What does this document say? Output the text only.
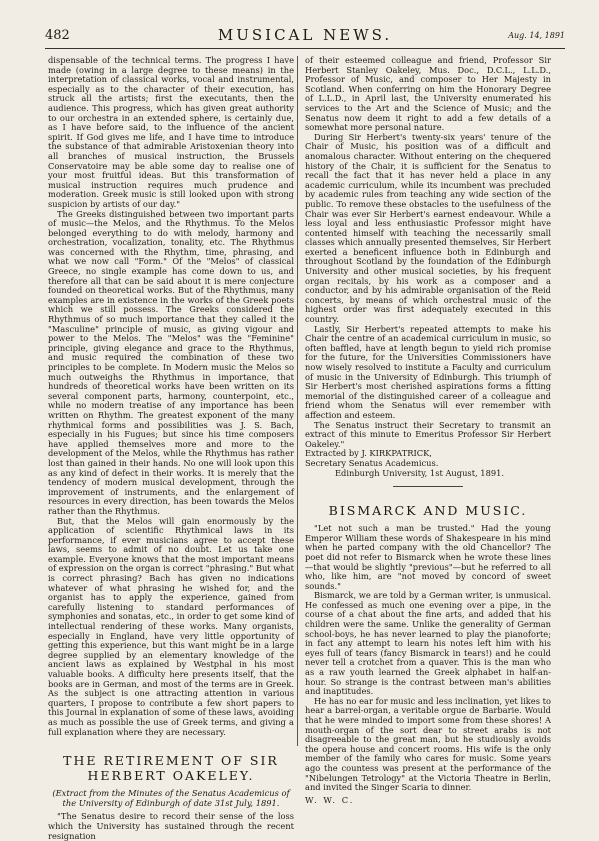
482	MUSICAL NEWS.	Aug. 14, 1891

dispensable of the technical terms. The progress I have made (owing in a large degree to these means) in the interpretation of classical works, vocal and instrumental, especially as to the character of their execution, has struck all the artists; first the executants, then the audience. This progress, which has given great authority to our orchestra in an extended sphere, is certainly due, as I have before said, to the influence of the ancient spirit. If God gives me life, and I have time to introduce the substance of that admirable Aristoxenian theory into all branches of musical instruction, the Brussels Conservatoire may be able some day to realise one of your most fruitful ideas. But this transformation of musical instruction requires much prudence and moderation. Greek music is still looked upon with strong suspicion by artists of our day."

The Greeks distinguished between two important parts of music—the Melos, and the Rhythmus. To the Melos belonged everything to do with melody, harmony and orchestration, vocalization, tonality, etc. The Rhythmus was concerned with the Rhythm, time, phrasing, and what we now call "Form." Of the "Melos" of classical Greece, no single example has come down to us, and therefore all that can be said about it is mere conjecture founded on theoretical works. But of the Rhythmus, many examples are in existence in the works of the Greek poets which we still possess. The Greeks considered the Rhythmus of so much importance that they called it the "Masculine" principle of music, as giving vigour and power to the Melos. The "Melos" was the "Feminine" principle, giving elegance and grace to the Rhythmus, and music required the combination of these two principles to be complete. In Modern music the Melos so much outweighs the Rhythmus in importance, that hundreds of theoretical works have been written on its several component parts, harmony, counterpoint, etc., while no modern treatise of any importance has been written on Rhythm. The greatest exponent of the many rhythmical forms and possibilities was J. S. Bach, especially in his Fugues; but since his time composers have applied themselves more and more to the development of the Melos, while the Rhythmus has rather lost than gained in their hands. No one will look upon this as any kind of defect in their works. It is merely that the tendency of modern musical development, through the improvement of instruments, and the enlargement of resources in every direction, has been towards the Melos rather than the Rhythmus.

But, that the Melos will gain enormously by the application of scientific Rhythmical laws in its performance, if ever musicians agree to accept these laws, seems to admit of no doubt. Let us take one example. Everyone knows that the most important means of expression on the organ is correct "phrasing." But what is correct phrasing? Bach has given no indications whatever of what phrasing he wished for, and the organist has to apply the experience, gained from carefully listening to standard performances of symphonies and sonatas, etc., in order to get some kind of intellectual rendering of these works. Many organists, especially in England, have very little opportunity of getting this experience, but this want might be in a large degree supplied by an elementary knowledge of the ancient laws as explained by Westphal in his most valuable books. A difficulty here presents itself, that the books are in German, and most of the terms are in Greek. As the subject is one attracting attention in various quarters, I propose to contribute a few short papers to this Journal in explanation of some of these laws, avoiding as much as possible the use of Greek terms, and giving a full explanation where they are necessary.

THE RETIREMENT OF SIR HERBERT OAKELEY.
(Extract from the Minutes of the Senatus Academicus of the University of Edinburgh of date 31st July, 1891.

"The Senatus desire to record their sense of the loss which the University has sustained through the recent resignation

of their esteemed colleague and friend, Professor Sir Herbert Stanley Oakeley, Mus. Doc., D.C.L., L.L.D., Professor of Music, and composer to Her Majesty in Scotland. When conferring on him the Honorary Degree of L.L.D., in April last, the University enumerated his services to the Art and the Science of Music; and the Senatus now deem it right to add a few details of a somewhat more personal nature.

During Sir Herbert's twenty-six years' tenure of the Chair of Music, his position was of a difficult and anomalous character. Without entering on the chequered history of the Chair, it is sufficient for the Senatus to recall the fact that it has never held a place in any academic curriculum, while its incumbent was precluded by academic rules from teaching any wide section of the public. To remove these obstacles to the usefulness of the Chair was ever Sir Herbert's earnest endeavour. While a less loyal and less enthusiastic Professor might have contented himself with teaching the necessarily small classes which annually presented themselves, Sir Herbert exerted a beneficent influence both in Edinburgh and throughout Scotland by the foundation of the Edinburgh University and other musical societies, by his frequent organ recitals, by his work as a composer and a conductor, and by his admirable organisation of the Reid concerts, by means of which orchestral music of the highest order was first adequately executed in this country.

Lastly, Sir Herbert's repeated attempts to make his Chair the centre of an academical curriculum in music, so often baffled, have at length begun to yield rich promise for the future, for the Universities Commissioners have now wisely resolved to institute a Faculty and curriculum of music in the University of Edinburgh. This triumph of Sir Herbert's most cherished aspirations forms a fitting memorial of the distinguished career of a colleague and friend whom the Senatus will ever remember with affection and esteem.

The Senatus instruct their Secretary to transmit an extract of this minute to Emeritus Professor Sir Herbert Oakeley."

Extracted by J. KIRKPATRICK,

Secretary Senatus Academicus.

Edinburgh University, 1st August, 1891.

BISMARCK AND MUSIC.

"Let not such a man be trusted." Had the young Emperor William these words of Shakespeare in his mind when he parted company with the old Chancellor? The poet did not refer to Bismarck when he wrote these lines—that would be slightly "previous"—but he referred to all who, like him, are "not moved by concord of sweet sounds."

Bismarck, we are told by a German writer, is unmusical. He confessed as much one evening over a pipe, in the course of a chat about the fine arts, and added that his children were the same. Unlike the generality of German school-boys, he has never learned to play the pianoforte; in fact any attempt to learn his notes left him with his eyes full of tears (fancy Bismarck in tears!) and he could never tell a crotchet from a quaver. This is the man who as a raw youth learned the Greek alphabet in half-an-hour. So strange is the contrast between man's abilities and inaptitudes.

He has no ear for music and less inclination, yet likes to hear a barrel-organ, a veritable orgue de Barbarie. Would that he were minded to import some from these shores! A mouth-organ of the sort dear to street arabs is not disagreeable to the great man, but he studiously avoids the opera house and concert rooms. His wife is the only member of the family who cares for music. Some years ago the countess was present at the performance of the "Nibelungen Tetrology" at the Victoria Theatre in Berlin, and invited the Singer Scaria to dinner.

W. W. C.
